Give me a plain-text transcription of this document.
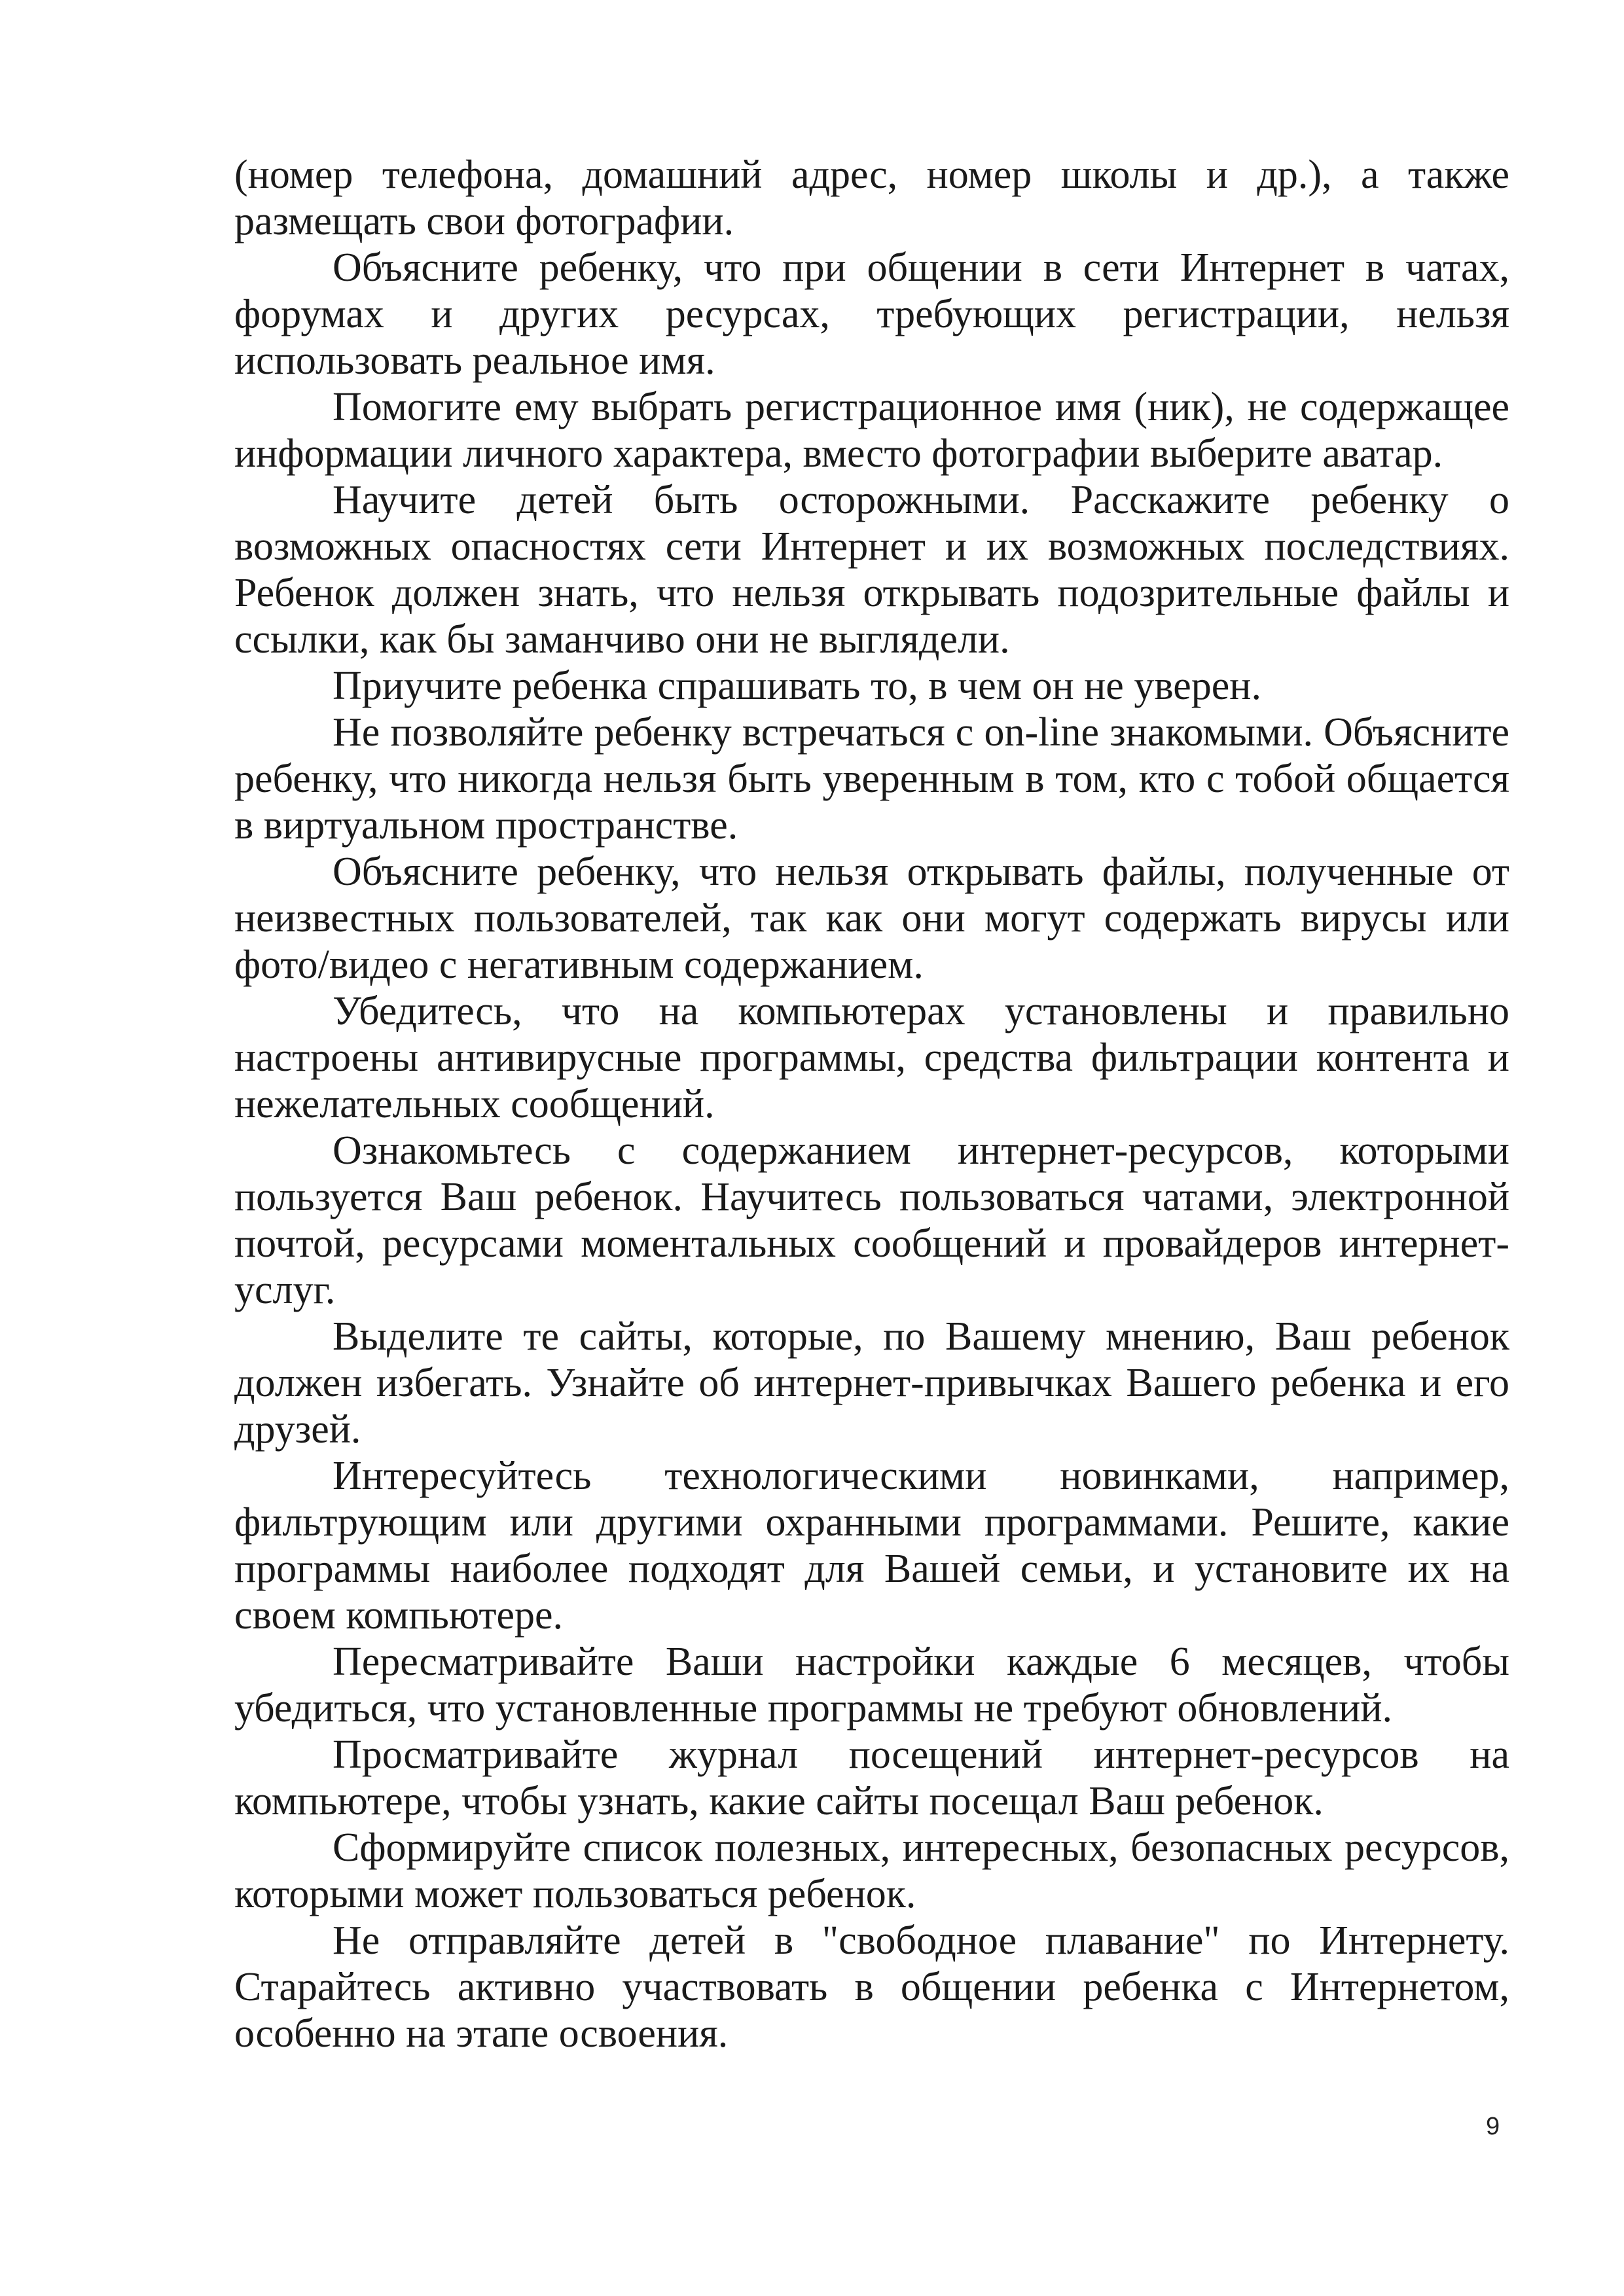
(номер телефона, домашний адрес, номер школы и др.), а также размещать свои фотографии.

Объясните ребенку, что при общении в сети Интернет в чатах, форумах и других ресурсах, требующих регистрации, нельзя использовать реальное имя.

Помогите ему выбрать регистрационное имя (ник), не содержащее информации личного характера, вместо фотографии выберите аватар.

Научите детей быть осторожными. Расскажите ребенку о возможных опасностях сети Интернет и их возможных последствиях. Ребенок должен знать, что нельзя открывать подозрительные файлы и ссылки, как бы заманчиво они не выглядели.

Приучите ребенка спрашивать то, в чем он не уверен.

Не позволяйте ребенку встречаться с on-line знакомыми. Объясните ребенку, что никогда нельзя быть уверенным в том, кто с тобой общается в виртуальном пространстве.

Объясните ребенку, что нельзя открывать файлы, полученные от неизвестных пользователей, так как они могут содержать вирусы или фото/видео с негативным содержанием.

Убедитесь, что на компьютерах установлены и правильно настроены антивирусные программы, средства фильтрации контента и нежелательных сообщений.

Ознакомьтесь с содержанием интернет-ресурсов, которыми пользуется Ваш ребенок. Научитесь пользоваться чатами, электронной почтой, ресурсами моментальных сообщений и провайдеров интернет-услуг.

Выделите те сайты, которые, по Вашему мнению, Ваш ребенок должен избегать. Узнайте об интернет-привычках Вашего ребенка и его друзей.

Интересуйтесь технологическими новинками, например, фильтрующим или другими охранными программами. Решите, какие программы наиболее подходят для Вашей семьи, и установите их на своем компьютере.

Пересматривайте Ваши настройки каждые 6 месяцев, чтобы убедиться, что установленные программы не требуют обновлений.

Просматривайте журнал посещений интернет-ресурсов на компьютере, чтобы узнать, какие сайты посещал Ваш ребенок.

Сформируйте список полезных, интересных, безопасных ресурсов, которыми может пользоваться ребенок.

Не отправляйте детей в "свободное плавание" по Интернету. Старайтесь активно участвовать в общении ребенка с Интернетом, особенно на этапе освоения.

9
